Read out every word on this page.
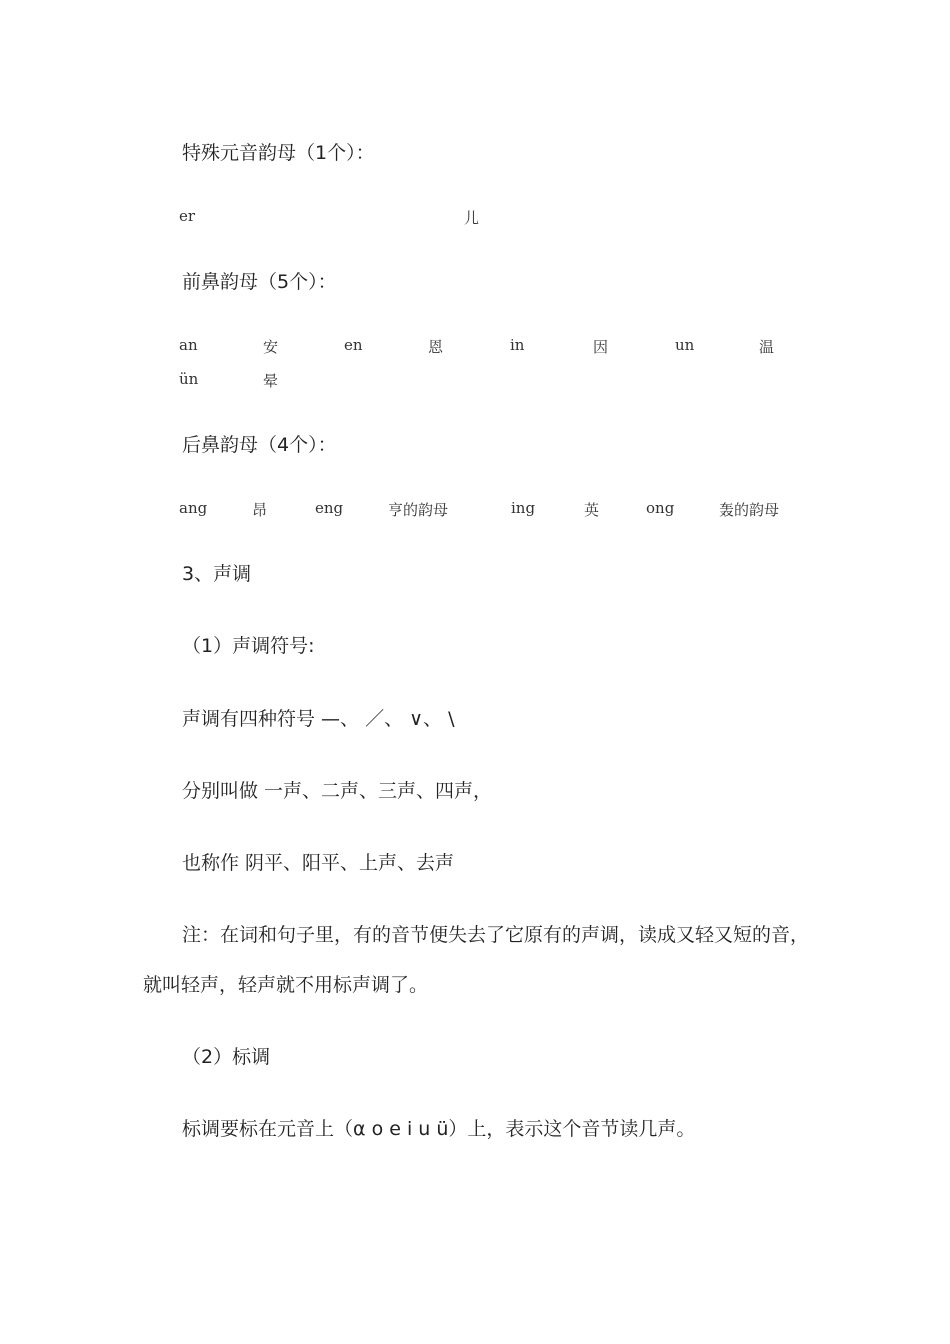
特殊元音韵母（1个）：
er	儿
前鼻韵母（5个）：
an	安	en	恩	in	因	un	温
ün	晕
后鼻韵母（4个）：
ang	昂	eng	亨的韵母	ing	英	ong	轰的韵母
3、声调
（1）声调符号:
声调有四种符号 —、 ／、 ∨、 \
分别叫做 一声、二声、三声、四声，
也称作 阴平、阳平、上声、去声
注：在词和句子里，有的音节便失去了它原有的声调，读成又轻又短的音，
就叫轻声，轻声就不用标声调了。
（2）标调
标调要标在元音上（α o e i u ü）上，表示这个音节读几声。
